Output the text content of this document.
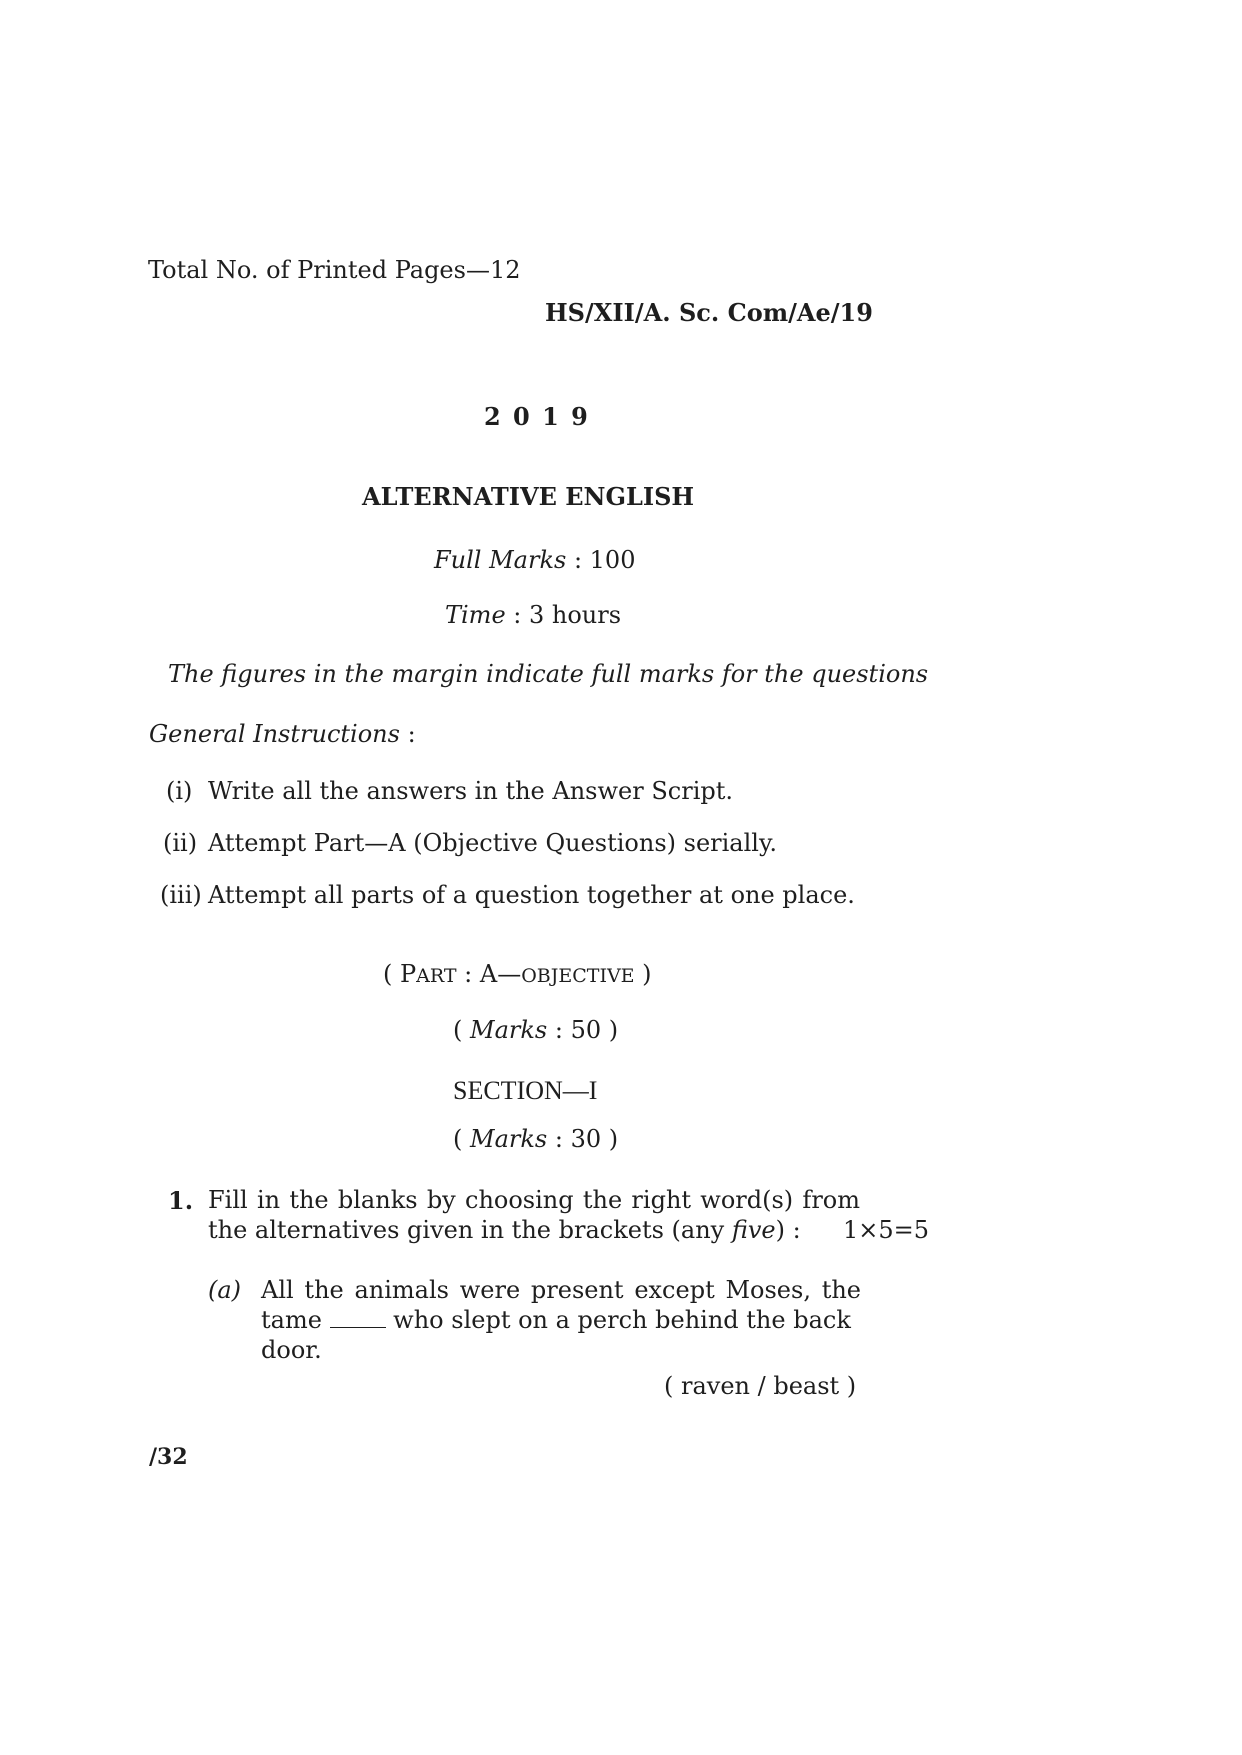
Total No. of Printed Pages—12
HS/XII/A. Sc. Com/Ae/19
2 0 1 9
ALTERNATIVE ENGLISH
Full Marks : 100
Time : 3 hours
The figures in the margin indicate full marks for the questions
General Instructions :
(i) Write all the answers in the Answer Script.
(ii) Attempt Part—A (Objective Questions) serially.
(iii) Attempt all parts of a question together at one place.
( PART : A—OBJECTIVE )
( Marks : 50 )
SECTION—I
( Marks : 30 )
1. Fill in the blanks by choosing the right word(s) from
the alternatives given in the brackets (any five) : 1×5=5
(a) All the animals were present except Moses, the
tame  who slept on a perch behind the back
door.
( raven / beast )
/32
